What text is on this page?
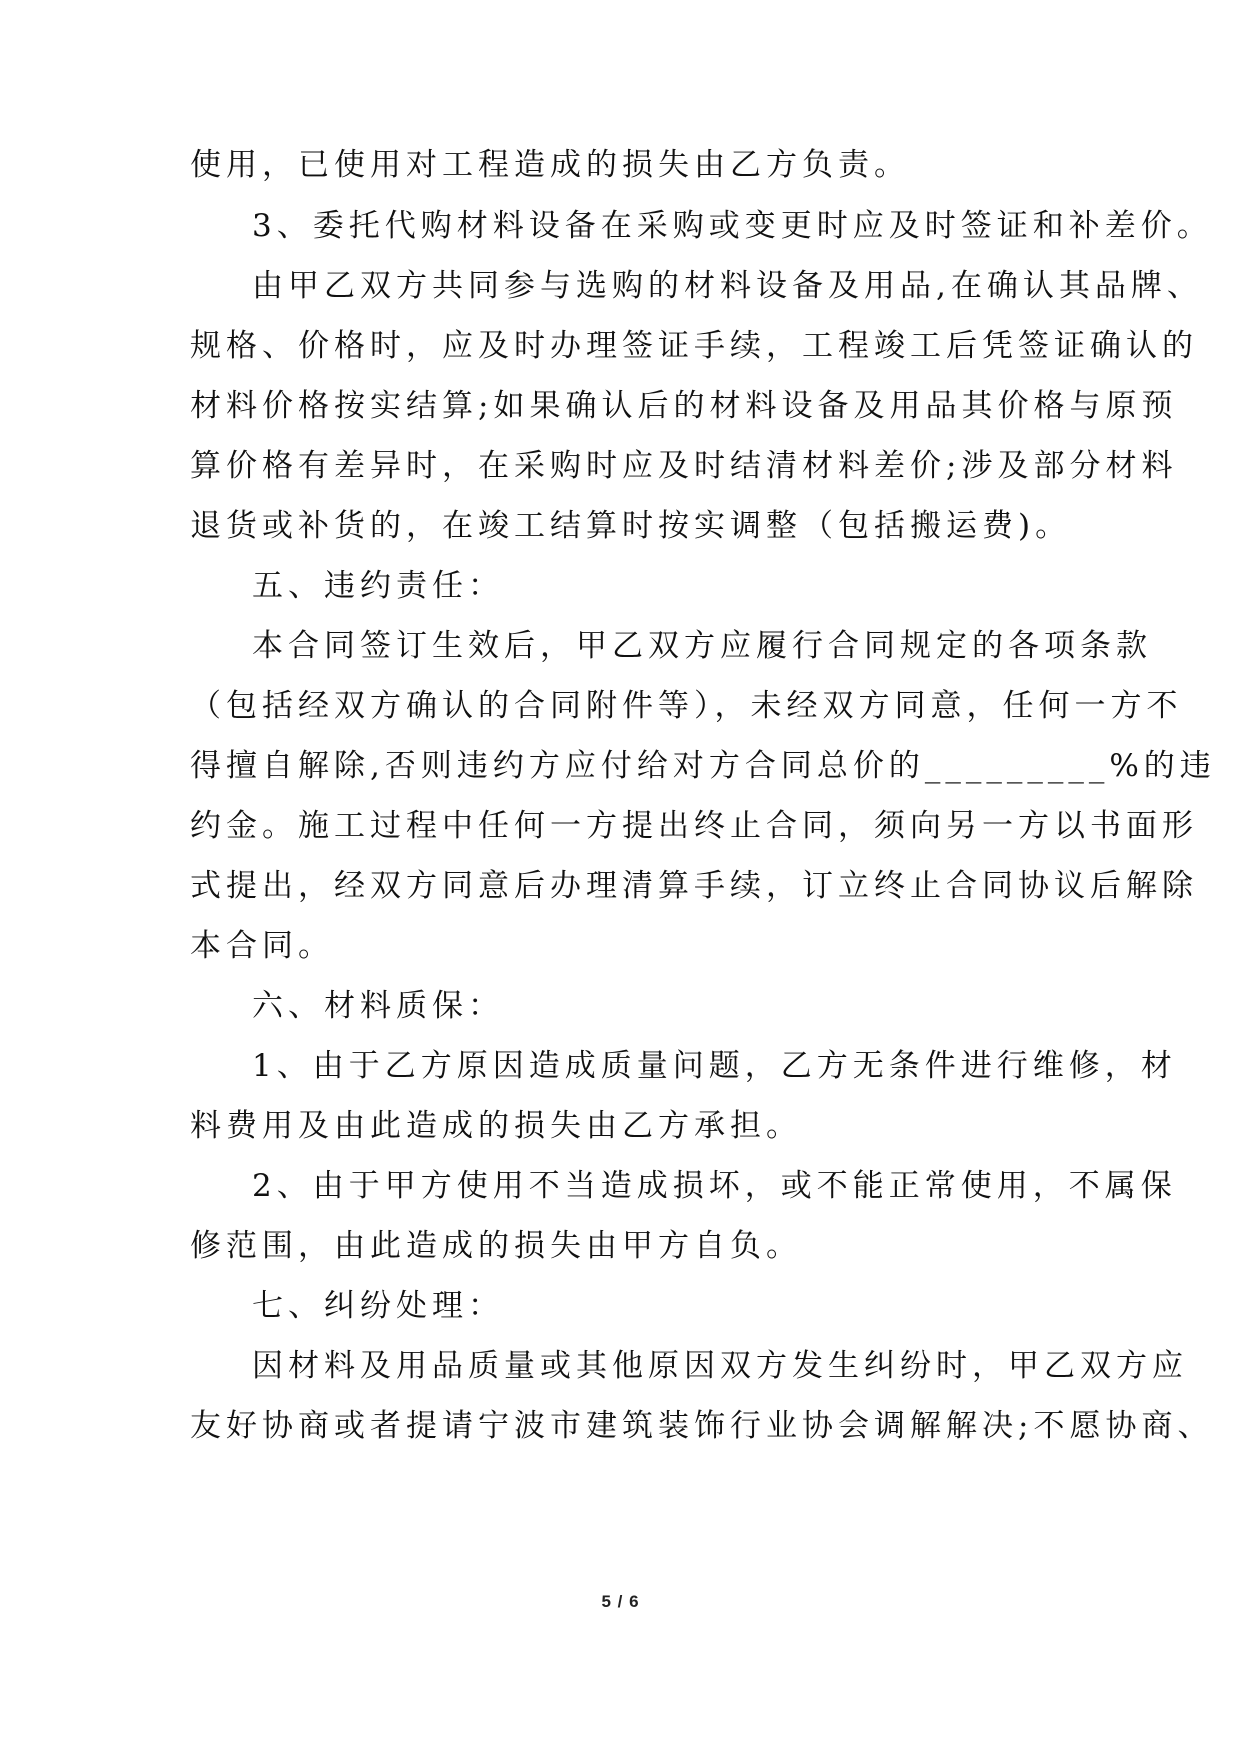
使用，已使用对工程造成的损失由乙方负责。
3、委托代购材料设备在采购或变更时应及时签证和补差价。
由甲乙双方共同参与选购的材料设备及用品,在确认其品牌、
规格、价格时，应及时办理签证手续，工程竣工后凭签证确认的
材料价格按实结算;如果确认后的材料设备及用品其价格与原预
算价格有差异时，在采购时应及时结清材料差价;涉及部分材料
退货或补货的，在竣工结算时按实调整（包括搬运费)。
五、违约责任：
本合同签订生效后，甲乙双方应履行合同规定的各项条款
（包括经双方确认的合同附件等），未经双方同意，任何一方不
得擅自解除,否则违约方应付给对方合同总价的_________%的违
约金。施工过程中任何一方提出终止合同，须向另一方以书面形
式提出，经双方同意后办理清算手续，订立终止合同协议后解除
本合同。
六、材料质保：
1、由于乙方原因造成质量问题，乙方无条件进行维修，材
料费用及由此造成的损失由乙方承担。
2、由于甲方使用不当造成损坏，或不能正常使用，不属保
修范围，由此造成的损失由甲方自负。
七、纠纷处理：
因材料及用品质量或其他原因双方发生纠纷时，甲乙双方应
友好协商或者提请宁波市建筑装饰行业协会调解解决;不愿协商、
5 / 6
